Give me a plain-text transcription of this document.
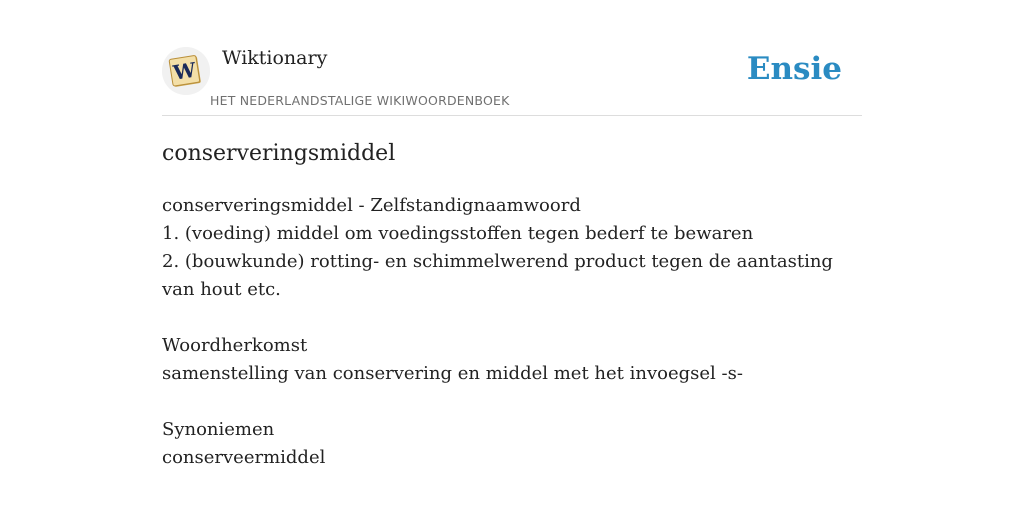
W Wiktionary
HET NEDERLANDSTALIGE WIKIWOORDENBOEK
Ensie
conserveringsmiddel

conserveringsmiddel - Zelfstandignaamwoord

1. (voeding) middel om voedingsstoffen tegen bederf te bewaren

2. (bouwkunde) rotting- en schimmelwerend product tegen de aantasting van hout etc.

Woordherkomst

samenstelling van conservering en middel met het invoegsel -s-

Synoniemen

conserveermiddel
